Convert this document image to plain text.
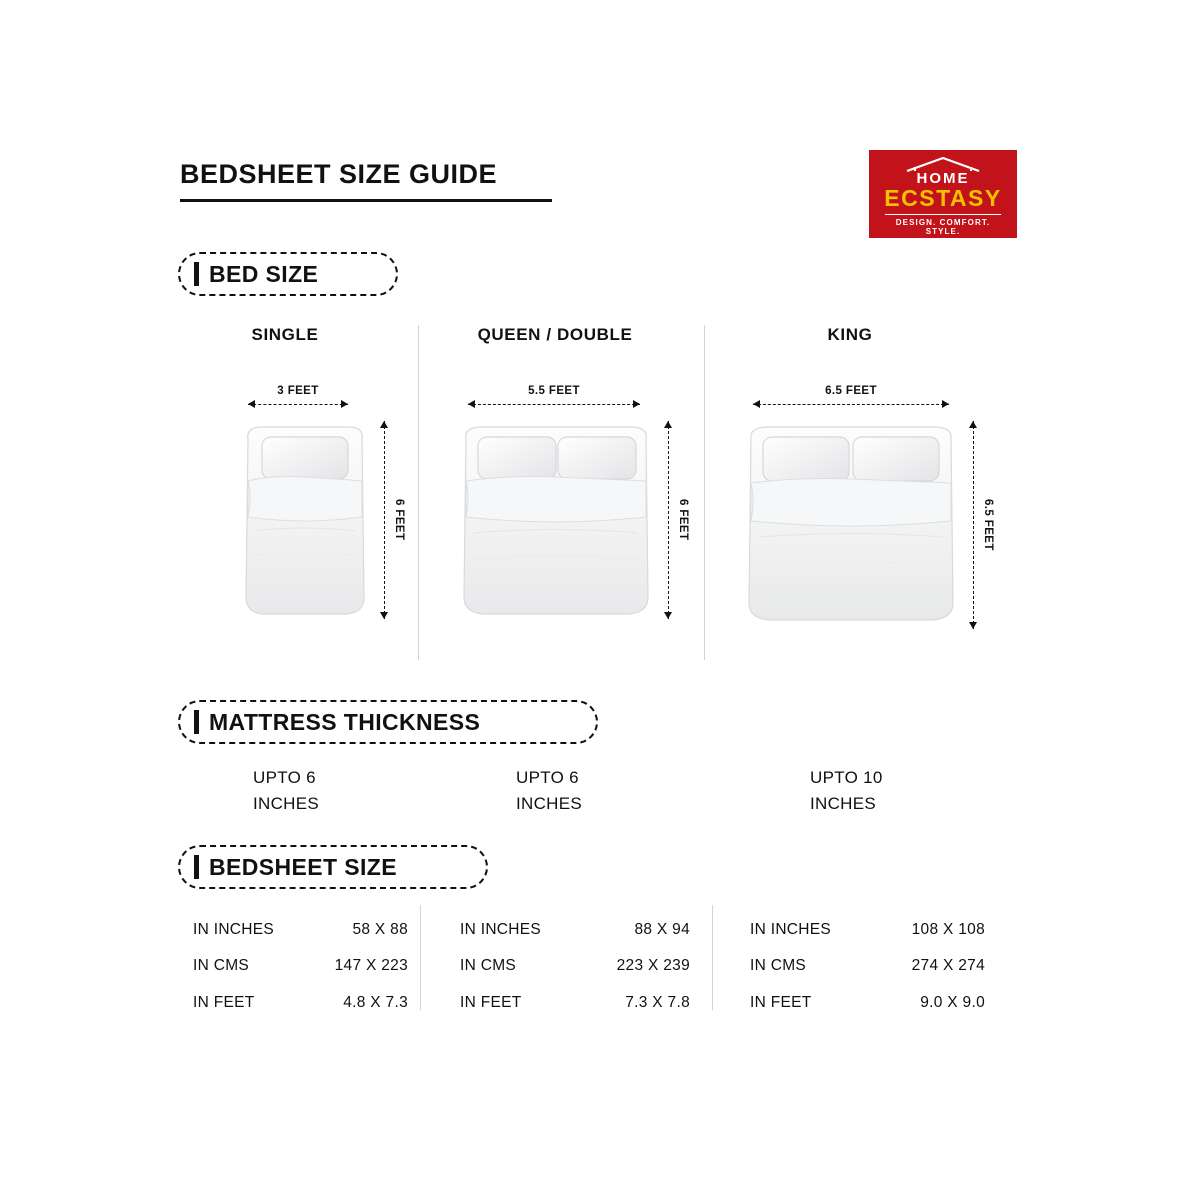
BEDSHEET SIZE GUIDE	HOME
ECSTASY
DESIGN. COMFORT. STYLE.
BED SIZE
SINGLE
3 FEET
6 FEET
QUEEN / DOUBLE
5.5 FEET
6 FEET
KING
6.5 FEET
6.5 FEET
MATTRESS THICKNESS
UPTO 6
INCHES
UPTO 6
INCHES
UPTO 10
INCHES
BEDSHEET SIZE
IN INCHES	58 X 88
IN CMS	147 X 223
IN FEET	4.8 X 7.3
IN INCHES	88 X 94
IN CMS	223 X 239
IN FEET	7.3 X 7.8
IN INCHES	108 X 108
IN CMS	274 X 274
IN FEET	9.0 X 9.0
